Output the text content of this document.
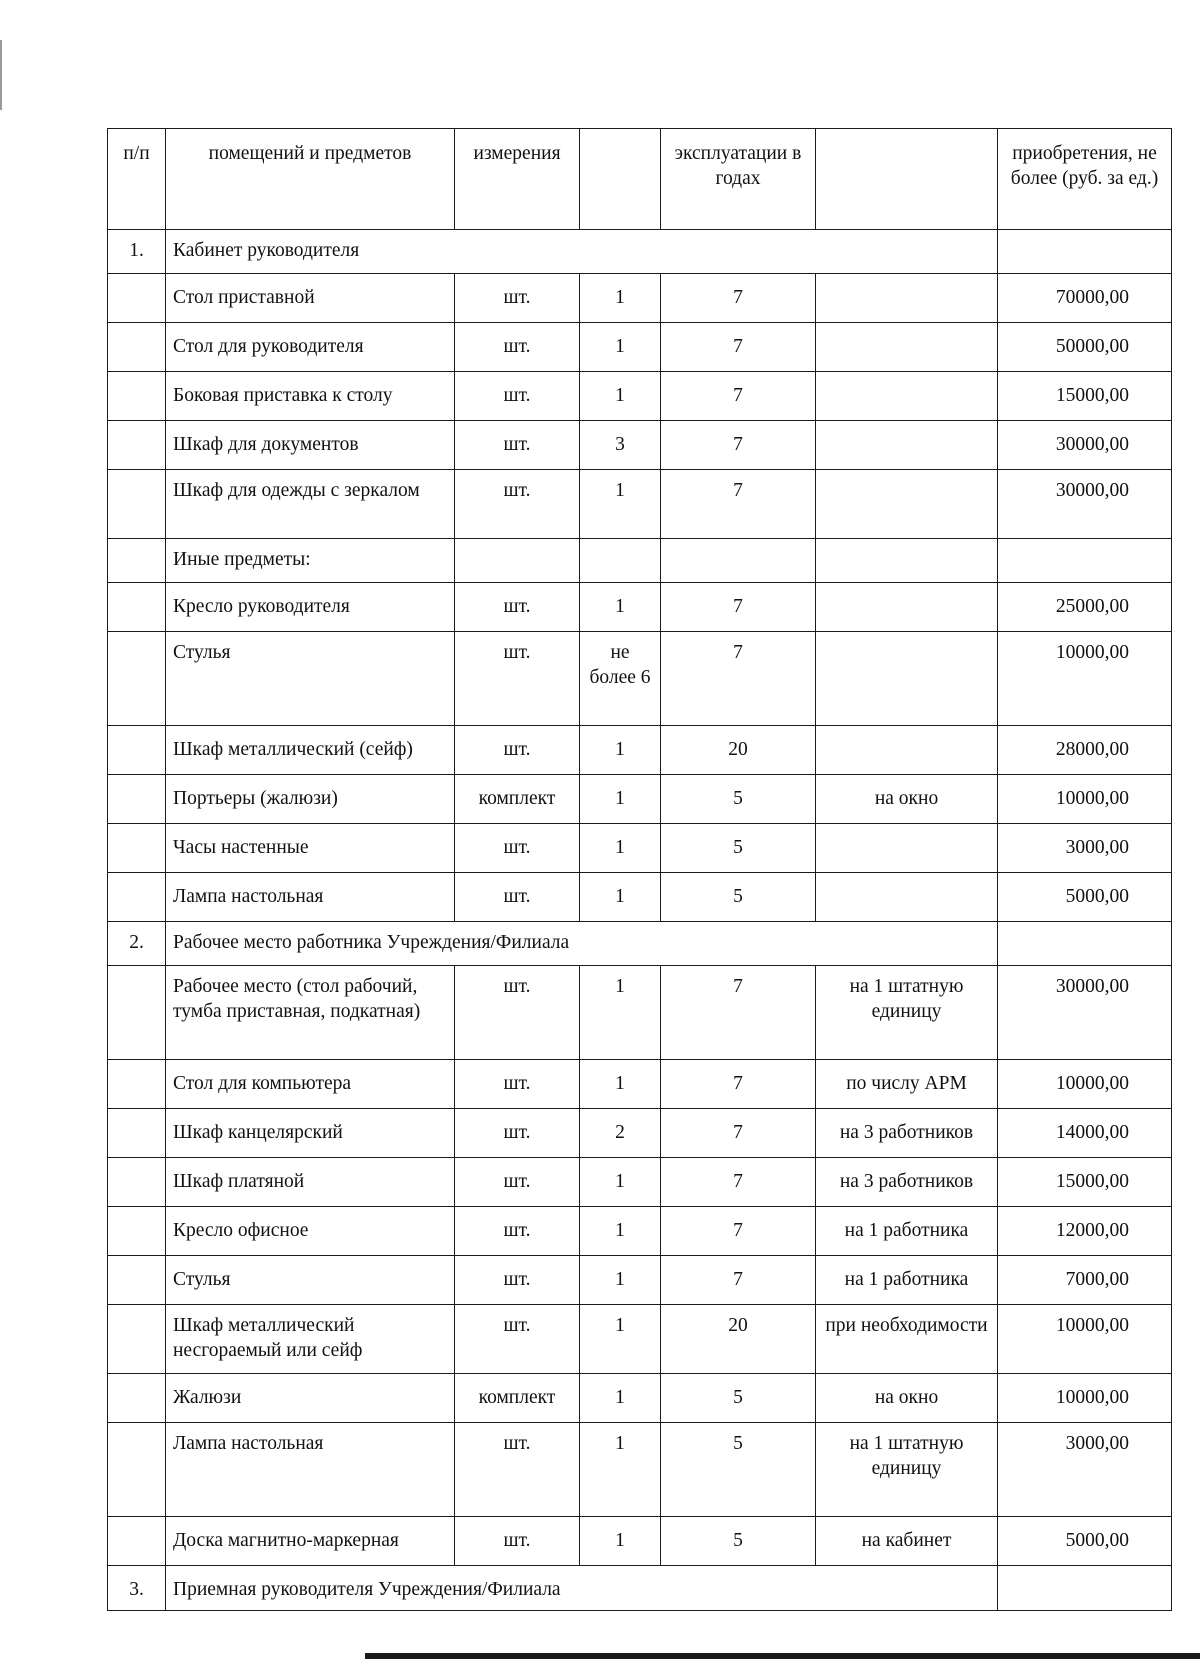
п/п	помещений и предметов	измерения		эксплуатации в годах		приобретения, не более (руб. за ед.)
1.	Кабинет руководителя					
	Стол приставной	шт.	1	7		70000,00
	Стол для руководителя	шт.	1	7		50000,00
	Боковая приставка к столу	шт.	1	7		15000,00
	Шкаф для документов	шт.	3	7		30000,00
	Шкаф для одежды с зеркалом	шт.	1	7		30000,00
	Иные предметы:					
	Кресло руководителя	шт.	1	7		25000,00
	Стулья	шт.	не более 6	7		10000,00
	Шкаф металлический (сейф)	шт.	1	20		28000,00
	Портьеры (жалюзи)	комплект	1	5	на окно	10000,00
	Часы настенные	шт.	1	5		3000,00
	Лампа настольная	шт.	1	5		5000,00
2.	Рабочее место работника Учреждения/Филиала					
	Рабочее место (стол рабочий, тумба приставная, подкатная)	шт.	1	7	на 1 штатную единицу	30000,00
	Стол для компьютера	шт.	1	7	по числу АРМ	10000,00
	Шкаф канцелярский	шт.	2	7	на 3 работников	14000,00
	Шкаф платяной	шт.	1	7	на 3 работников	15000,00
	Кресло офисное	шт.	1	7	на 1 работника	12000,00
	Стулья	шт.	1	7	на 1 работника	7000,00
	Шкаф металлический несгораемый или сейф	шт.	1	20	при необходимости	10000,00
	Жалюзи	комплект	1	5	на окно	10000,00
	Лампа настольная	шт.	1	5	на 1 штатную единицу	3000,00
	Доска магнитно-маркерная	шт.	1	5	на кабинет	5000,00
3.	Приемная руководителя Учреждения/Филиала					
